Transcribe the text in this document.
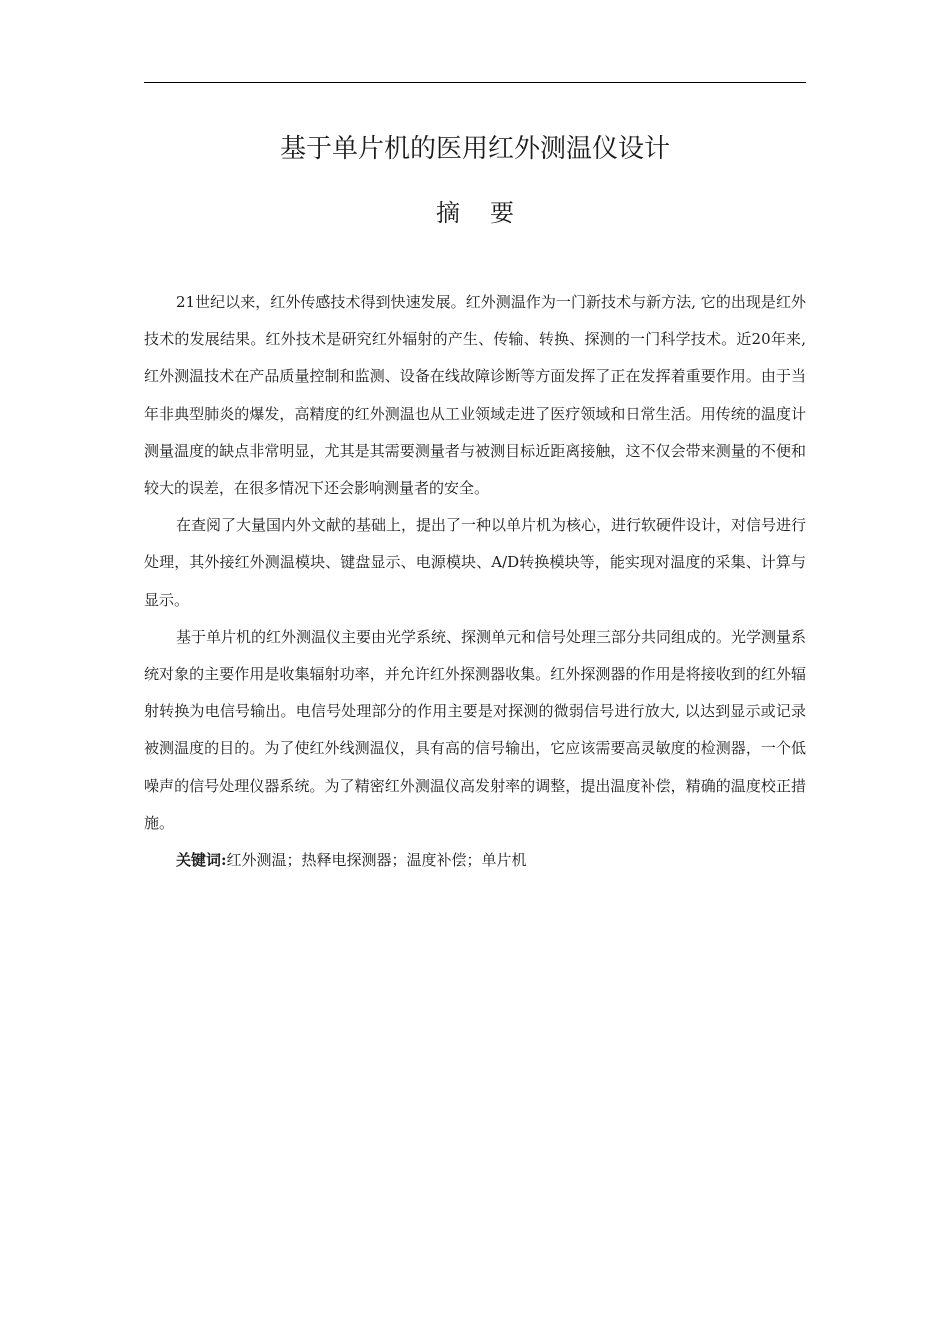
基于单片机的医用红外测温仪设计
摘要

21世纪以来，红外传感技术得到快速发展。红外测温作为一门新技术与新方法, 它的出现是红外技术的发展结果。红外技术是研究红外辐射的产生、传输、转换、探测的一门科学技术。近20年来, 红外测温技术在产品质量控制和监测、设备在线故障诊断等方面发挥了正在发挥着重要作用。由于当年非典型肺炎的爆发，高精度的红外测温也从工业领域走进了医疗领域和日常生活。用传统的温度计测量温度的缺点非常明显，尤其是其需要测量者与被测目标近距离接触，这不仅会带来测量的不便和较大的误差，在很多情况下还会影响测量者的安全。

在查阅了大量国内外文献的基础上，提出了一种以单片机为核心，进行软硬件设计，对信号进行处理，其外接红外测温模块、键盘显示、电源模块、A/D转换模块等，能实现对温度的采集、计算与显示。

基于单片机的红外测温仪主要由光学系统、探测单元和信号处理三部分共同组成的。光学测量系统对象的主要作用是收集辐射功率，并允许红外探测器收集。红外探测器的作用是将接收到的红外辐射转换为电信号输出。电信号处理部分的作用主要是对探测的微弱信号进行放大, 以达到显示或记录被测温度的目的。为了使红外线测温仪，具有高的信号输出，它应该需要高灵敏度的检测器，一个低噪声的信号处理仪器系统。为了精密红外测温仪高发射率的调整，提出温度补偿，精确的温度校正措施。

关键词:红外测温；热释电探测器；温度补偿；单片机
